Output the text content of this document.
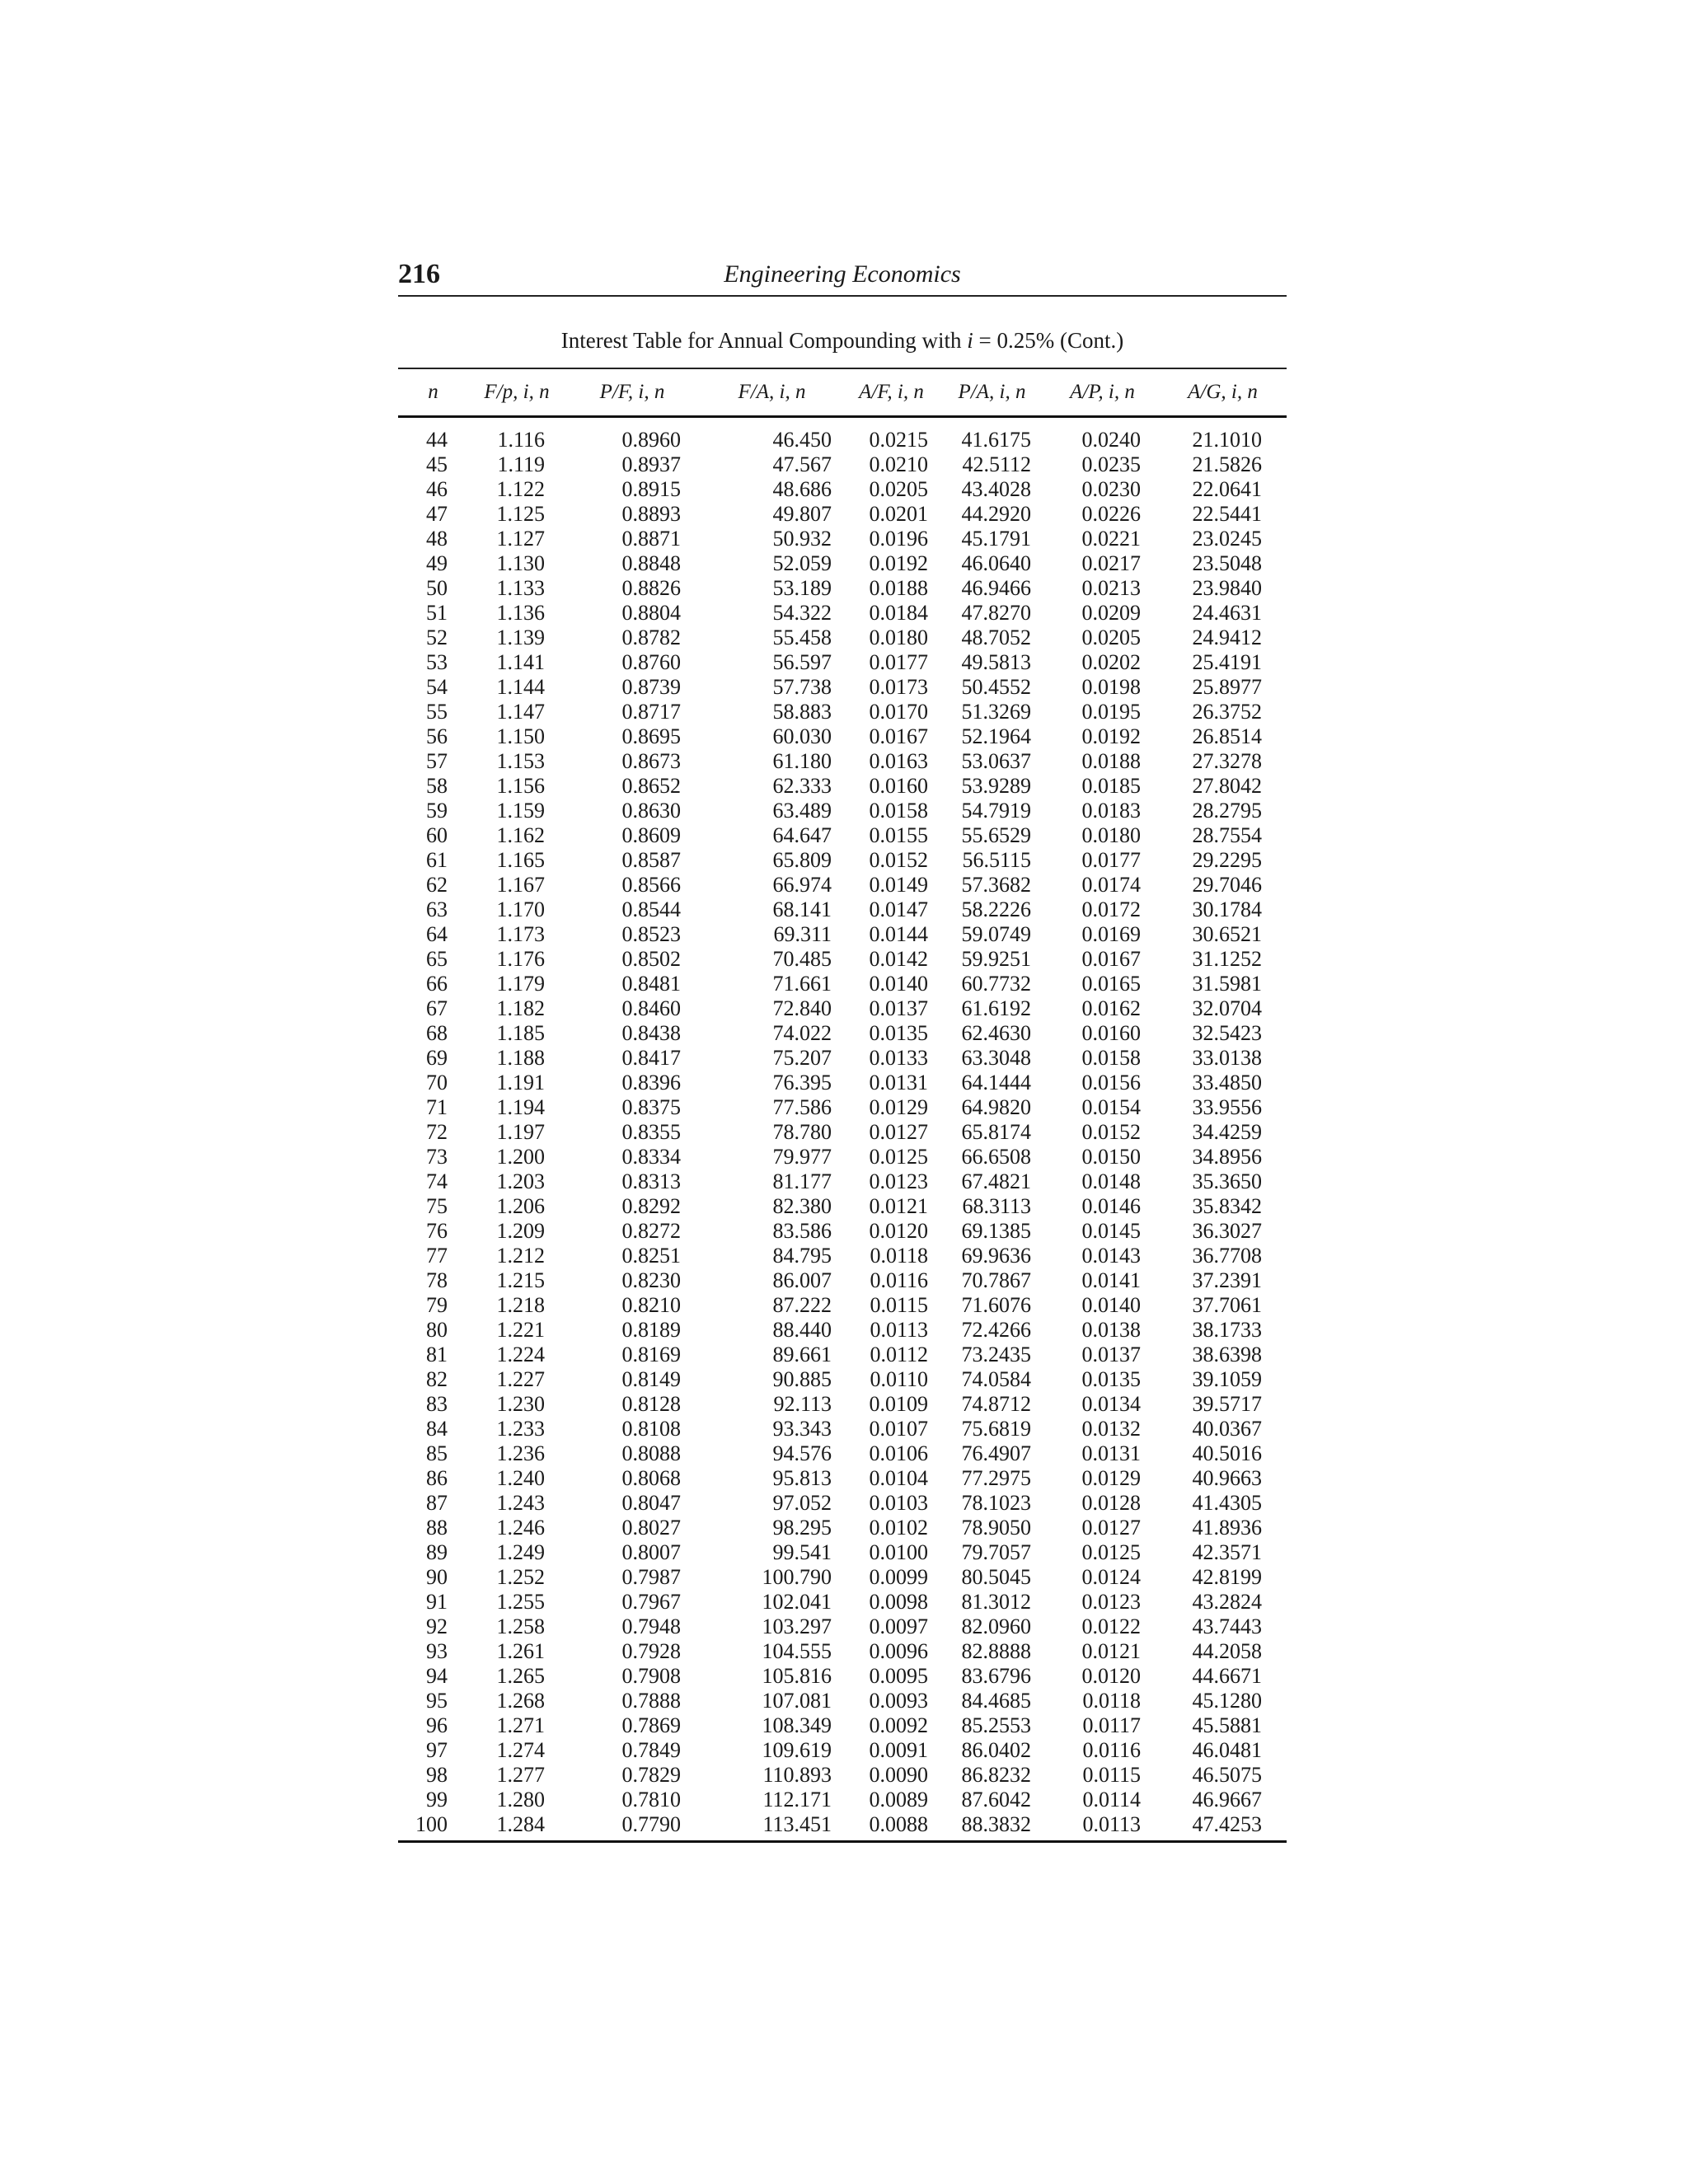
216	Engineering Economics
Interest Table for Annual Compounding with i = 0.25% (Cont.)
n	F/p, i, n	P/F, i, n	F/A, i, n	A/F, i, n	P/A, i, n	A/P, i, n	A/G, i, n
44	1.116	0.8960	46.450	0.0215	41.6175	0.0240	21.1010
45	1.119	0.8937	47.567	0.0210	42.5112	0.0235	21.5826
46	1.122	0.8915	48.686	0.0205	43.4028	0.0230	22.0641
47	1.125	0.8893	49.807	0.0201	44.2920	0.0226	22.5441
48	1.127	0.8871	50.932	0.0196	45.1791	0.0221	23.0245
49	1.130	0.8848	52.059	0.0192	46.0640	0.0217	23.5048
50	1.133	0.8826	53.189	0.0188	46.9466	0.0213	23.9840
51	1.136	0.8804	54.322	0.0184	47.8270	0.0209	24.4631
52	1.139	0.8782	55.458	0.0180	48.7052	0.0205	24.9412
53	1.141	0.8760	56.597	0.0177	49.5813	0.0202	25.4191
54	1.144	0.8739	57.738	0.0173	50.4552	0.0198	25.8977
55	1.147	0.8717	58.883	0.0170	51.3269	0.0195	26.3752
56	1.150	0.8695	60.030	0.0167	52.1964	0.0192	26.8514
57	1.153	0.8673	61.180	0.0163	53.0637	0.0188	27.3278
58	1.156	0.8652	62.333	0.0160	53.9289	0.0185	27.8042
59	1.159	0.8630	63.489	0.0158	54.7919	0.0183	28.2795
60	1.162	0.8609	64.647	0.0155	55.6529	0.0180	28.7554
61	1.165	0.8587	65.809	0.0152	56.5115	0.0177	29.2295
62	1.167	0.8566	66.974	0.0149	57.3682	0.0174	29.7046
63	1.170	0.8544	68.141	0.0147	58.2226	0.0172	30.1784
64	1.173	0.8523	69.311	0.0144	59.0749	0.0169	30.6521
65	1.176	0.8502	70.485	0.0142	59.9251	0.0167	31.1252
66	1.179	0.8481	71.661	0.0140	60.7732	0.0165	31.5981
67	1.182	0.8460	72.840	0.0137	61.6192	0.0162	32.0704
68	1.185	0.8438	74.022	0.0135	62.4630	0.0160	32.5423
69	1.188	0.8417	75.207	0.0133	63.3048	0.0158	33.0138
70	1.191	0.8396	76.395	0.0131	64.1444	0.0156	33.4850
71	1.194	0.8375	77.586	0.0129	64.9820	0.0154	33.9556
72	1.197	0.8355	78.780	0.0127	65.8174	0.0152	34.4259
73	1.200	0.8334	79.977	0.0125	66.6508	0.0150	34.8956
74	1.203	0.8313	81.177	0.0123	67.4821	0.0148	35.3650
75	1.206	0.8292	82.380	0.0121	68.3113	0.0146	35.8342
76	1.209	0.8272	83.586	0.0120	69.1385	0.0145	36.3027
77	1.212	0.8251	84.795	0.0118	69.9636	0.0143	36.7708
78	1.215	0.8230	86.007	0.0116	70.7867	0.0141	37.2391
79	1.218	0.8210	87.222	0.0115	71.6076	0.0140	37.7061
80	1.221	0.8189	88.440	0.0113	72.4266	0.0138	38.1733
81	1.224	0.8169	89.661	0.0112	73.2435	0.0137	38.6398
82	1.227	0.8149	90.885	0.0110	74.0584	0.0135	39.1059
83	1.230	0.8128	92.113	0.0109	74.8712	0.0134	39.5717
84	1.233	0.8108	93.343	0.0107	75.6819	0.0132	40.0367
85	1.236	0.8088	94.576	0.0106	76.4907	0.0131	40.5016
86	1.240	0.8068	95.813	0.0104	77.2975	0.0129	40.9663
87	1.243	0.8047	97.052	0.0103	78.1023	0.0128	41.4305
88	1.246	0.8027	98.295	0.0102	78.9050	0.0127	41.8936
89	1.249	0.8007	99.541	0.0100	79.7057	0.0125	42.3571
90	1.252	0.7987	100.790	0.0099	80.5045	0.0124	42.8199
91	1.255	0.7967	102.041	0.0098	81.3012	0.0123	43.2824
92	1.258	0.7948	103.297	0.0097	82.0960	0.0122	43.7443
93	1.261	0.7928	104.555	0.0096	82.8888	0.0121	44.2058
94	1.265	0.7908	105.816	0.0095	83.6796	0.0120	44.6671
95	1.268	0.7888	107.081	0.0093	84.4685	0.0118	45.1280
96	1.271	0.7869	108.349	0.0092	85.2553	0.0117	45.5881
97	1.274	0.7849	109.619	0.0091	86.0402	0.0116	46.0481
98	1.277	0.7829	110.893	0.0090	86.8232	0.0115	46.5075
99	1.280	0.7810	112.171	0.0089	87.6042	0.0114	46.9667
100	1.284	0.7790	113.451	0.0088	88.3832	0.0113	47.4253
